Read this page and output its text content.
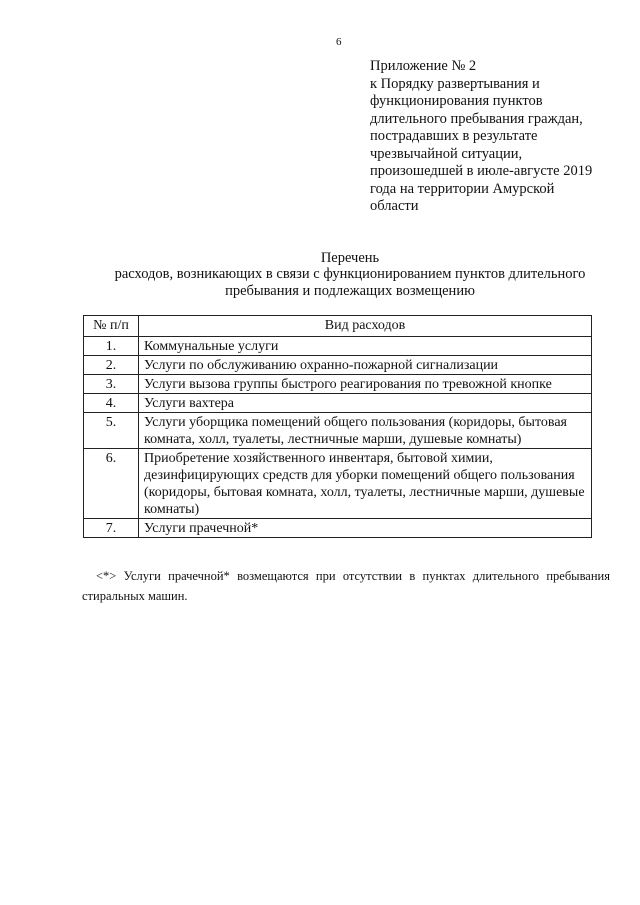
6
Приложение № 2
к Порядку развертывания и
функционирования пунктов
длительного пребывания граждан,
пострадавших в результате
чрезвычайной ситуации,
произошедшей в июле-августе 2019
года на территории Амурской
области
Перечень
расходов, возникающих в связи с функционированием пунктов длительного
пребывания и подлежащих возмещению
№ п/п	Вид расходов
1.	Коммунальные услуги
2.	Услуги по обслуживанию охранно-пожарной сигнализации
3.	Услуги вызова группы быстрого реагирования по тревожной кнопке
4.	Услуги вахтера
5.	Услуги уборщика помещений общего пользования (коридоры, бытовая комната, холл, туалеты, лестничные марши, душевые комнаты)
6.	Приобретение хозяйственного инвентаря, бытовой химии, дезинфицирующих средств для уборки помещений общего пользования (коридоры, бытовая комната, холл, туалеты, лестничные марши, душевые комнаты)
7.	Услуги прачечной*
<*> Услуги прачечной* возмещаются при отсутствии в пунктах длительного пребывания стиральных машин.
